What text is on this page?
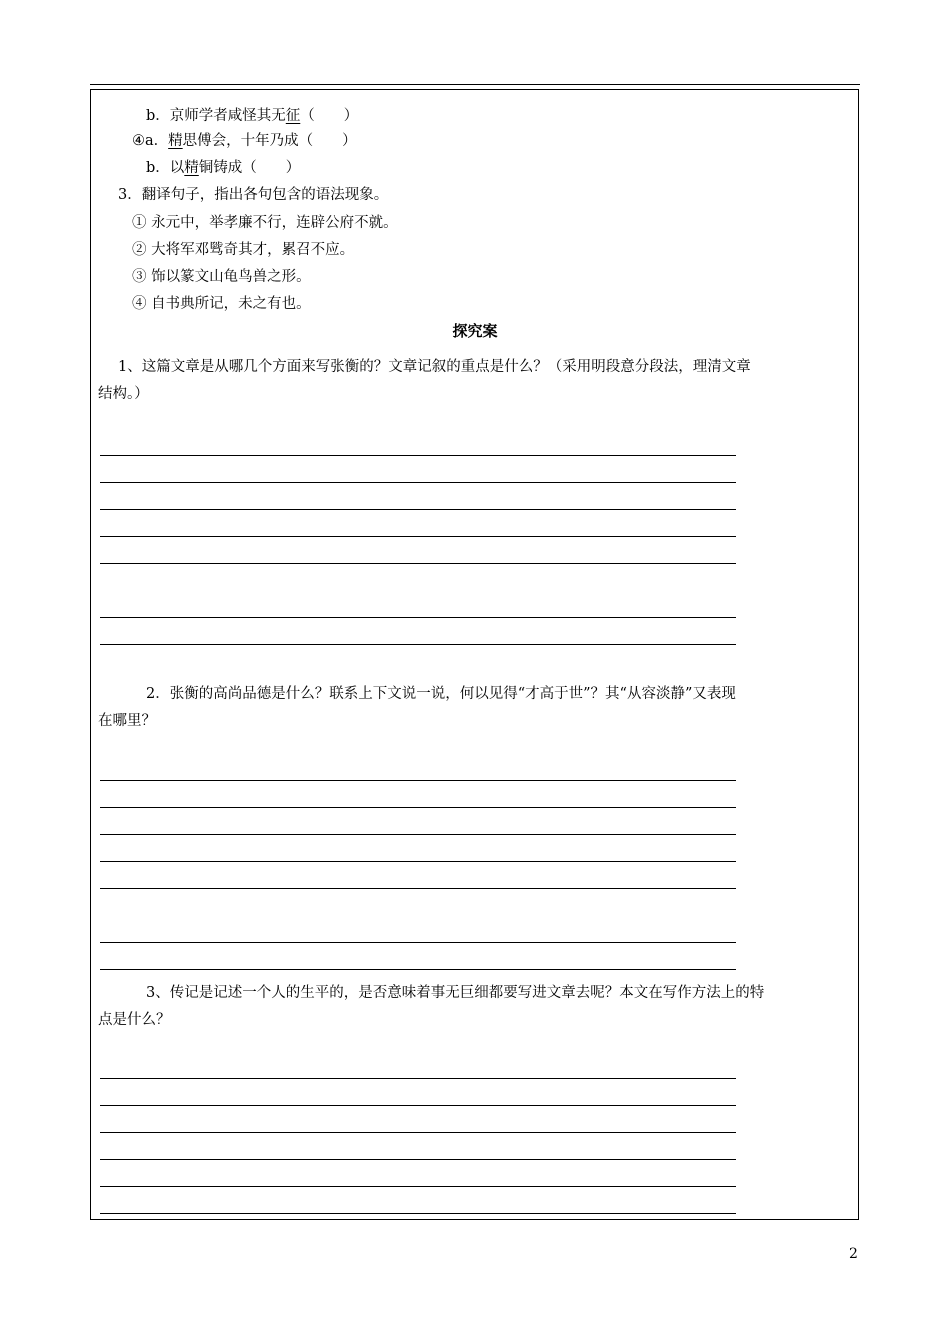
b．京师学者咸怪其无征（　　）
④a．精思傅会，十年乃成（　　）
b．以精铜铸成（　　）
3．翻译句子，指出各句包含的语法现象。
① 永元中，举孝廉不行，连辟公府不就。
② 大将军邓骘奇其才，累召不应。
③ 饰以篆文山龟鸟兽之形。
④ 自书典所记，未之有也。
探究案
1、这篇文章是从哪几个方面来写张衡的？文章记叙的重点是什么？（采用明段意分段法，理清文章
结构。）
2．张衡的高尚品德是什么？联系上下文说一说，何以见得“才高于世”？其“从容淡静”又表现
在哪里？
3、传记是记述一个人的生平的，是否意味着事无巨细都要写进文章去呢？本文在写作方法上的特
点是什么？
2
